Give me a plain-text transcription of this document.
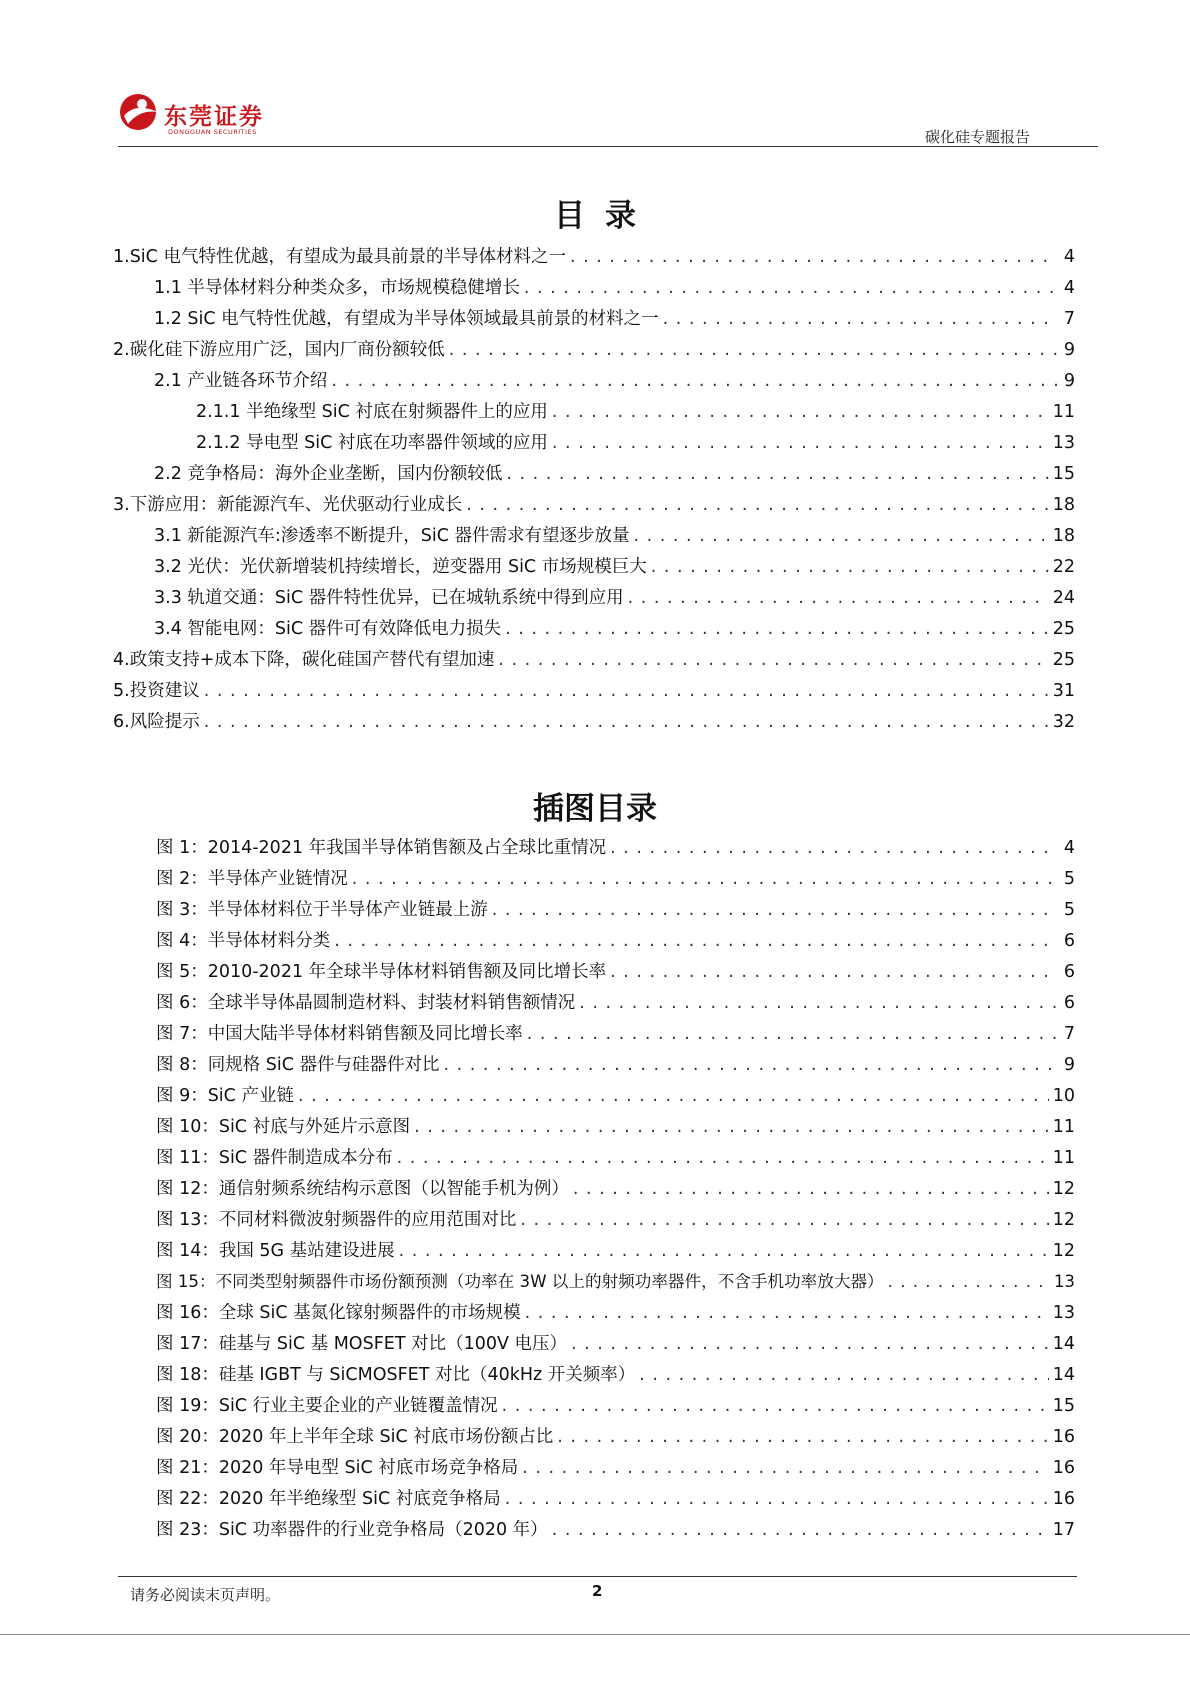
东莞证券
DONGGUAN SECURITIES	碳化硅专题报告
目录
1.SiC 电气特性优越，有望成为最具前景的半导体材料之一 . . .	4
1.1 半导体材料分种类众多，市场规模稳健增长 . . .	4
1.2 SiC 电气特性优越，有望成为半导体领域最具前景的材料之一 . . .	7
2.碳化硅下游应用广泛，国内厂商份额较低 . . .	9
2.1 产业链各环节介绍 . . .	9
2.1.1 半绝缘型 SiC 衬底在射频器件上的应用 . . .	11
2.1.2 导电型 SiC 衬底在功率器件领域的应用 . . .	13
2.2 竞争格局：海外企业垄断，国内份额较低 . . .	15
3.下游应用：新能源汽车、光伏驱动行业成长 . . .	18
3.1 新能源汽车:渗透率不断提升，SiC 器件需求有望逐步放量 . . .	18
3.2 光伏：光伏新增装机持续增长，逆变器用 SiC 市场规模巨大 . . .	22
3.3 轨道交通：SiC 器件特性优异，已在城轨系统中得到应用 . . .	24
3.4 智能电网：SiC 器件可有效降低电力损失 . . .	25
4.政策支持+成本下降，碳化硅国产替代有望加速 . . .	25
5.投资建议 . . .	31
6.风险提示 . . .	32
插图目录
图 1：2014-2021 年我国半导体销售额及占全球比重情况 . . .	4
图 2：半导体产业链情况 . . .	5
图 3：半导体材料位于半导体产业链最上游 . . .	5
图 4：半导体材料分类 . . .	6
图 5：2010-2021 年全球半导体材料销售额及同比增长率 . . .	6
图 6：全球半导体晶圆制造材料、封装材料销售额情况 . . .	6
图 7：中国大陆半导体材料销售额及同比增长率 . . .	7
图 8：同规格 SiC 器件与硅器件对比 . . .	9
图 9：SiC 产业链 . . .	10
图 10：SiC 衬底与外延片示意图 . . .	11
图 11：SiC 器件制造成本分布 . . .	11
图 12：通信射频系统结构示意图（以智能手机为例） . . .	12
图 13：不同材料微波射频器件的应用范围对比 . . .	12
图 14：我国 5G 基站建设进展 . . .	12
图 15：不同类型射频器件市场份额预测（功率在 3W 以上的射频功率器件，不含手机功率放大器） . . .	13
图 16：全球 SiC 基氮化镓射频器件的市场规模 . . .	13
图 17：硅基与 SiC 基 MOSFET 对比（100V 电压） . . .	14
图 18：硅基 IGBT 与 SiCMOSFET 对比（40kHz 开关频率） . . .	14
图 19：SiC 行业主要企业的产业链覆盖情况 . . .	15
图 20：2020 年上半年全球 SiC 衬底市场份额占比 . . .	16
图 21：2020 年导电型 SiC 衬底市场竞争格局 . . .	16
图 22：2020 年半绝缘型 SiC 衬底竞争格局 . . .	16
图 23：SiC 功率器件的行业竞争格局（2020 年） . . .	17
请务必阅读末页声明。	2
